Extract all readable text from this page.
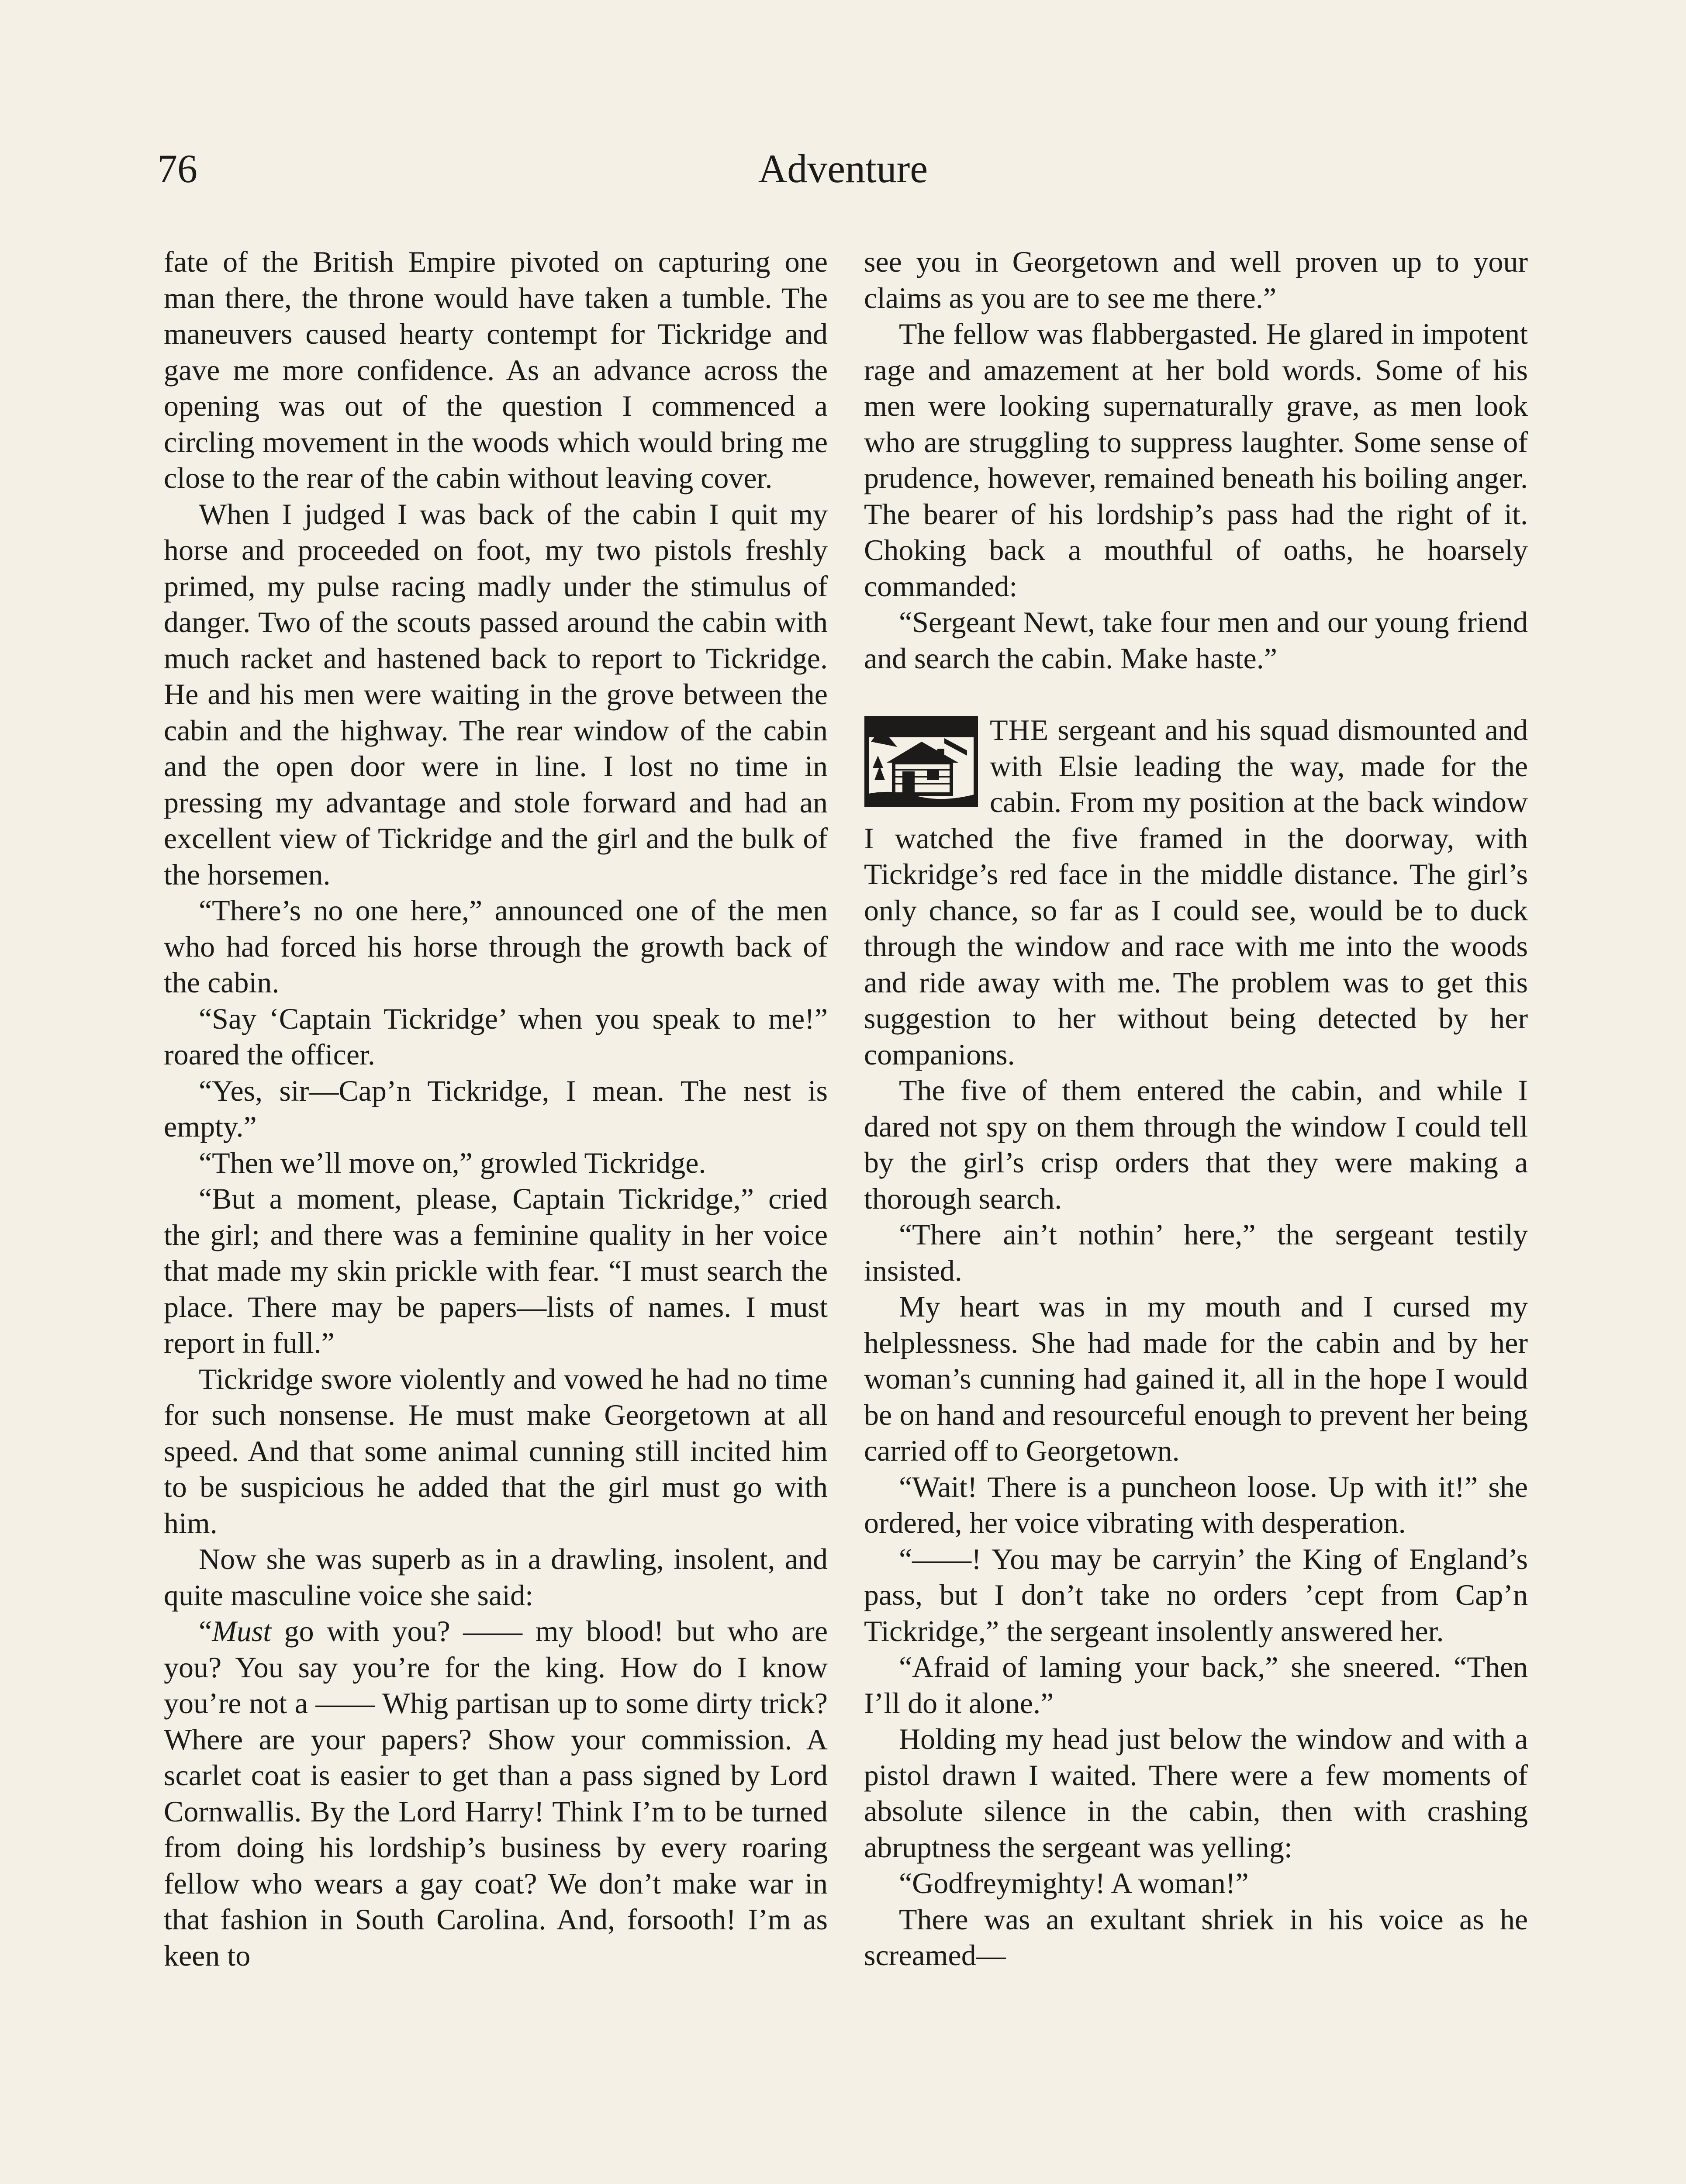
76	Adventure

fate of the British Empire pivoted on capturing one man there, the throne would have taken a tumble. The maneuvers caused hearty contempt for Tickridge and gave me more confidence. As an advance across the opening was out of the question I commenced a circling movement in the woods which would bring me close to the rear of the cabin without leaving cover.

When I judged I was back of the cabin I quit my horse and proceeded on foot, my two pistols freshly primed, my pulse racing madly under the stimulus of danger. Two of the scouts passed around the cabin with much racket and hastened back to report to Tickridge. He and his men were waiting in the grove between the cabin and the highway. The rear window of the cabin and the open door were in line. I lost no time in pressing my advantage and stole forward and had an excellent view of Tickridge and the girl and the bulk of the horsemen.

“There’s no one here,” announced one of the men who had forced his horse through the growth back of the cabin.

“Say ‘Captain Tickridge’ when you speak to me!” roared the officer.

“Yes, sir—Cap’n Tickridge, I mean. The nest is empty.”

“Then we’ll move on,” growled Tickridge.

“But a moment, please, Captain Tickridge,” cried the girl; and there was a feminine quality in her voice that made my skin prickle with fear. “I must search the place. There may be papers—lists of names. I must report in full.”

Tickridge swore violently and vowed he had no time for such nonsense. He must make Georgetown at all speed. And that some animal cunning still incited him to be suspicious he added that the girl must go with him.

Now she was superb as in a drawling, insolent, and quite masculine voice she said:

“Must go with you? —— my blood! but who are you? You say you’re for the king. How do I know you’re not a —— Whig partisan up to some dirty trick? Where are your papers? Show your commission. A scarlet coat is easier to get than a pass signed by Lord Cornwallis. By the Lord Harry! Think I’m to be turned from doing his lordship’s business by every roaring fellow who wears a gay coat? We don’t make war in that fashion in South Carolina. And, forsooth! I’m as keen to

see you in Georgetown and well proven up to your claims as you are to see me there.”

The fellow was flabbergasted. He glared in impotent rage and amazement at her bold words. Some of his men were looking supernaturally grave, as men look who are struggling to suppress laughter. Some sense of prudence, however, remained beneath his boiling anger. The bearer of his lordship’s pass had the right of it. Choking back a mouthful of oaths, he hoarsely commanded:

“Sergeant Newt, take four men and our young friend and search the cabin. Make haste.”

THE sergeant and his squad dismounted and with Elsie leading the way, made for the cabin. From my position at the back window I watched the five framed in the doorway, with Tickridge’s red face in the middle distance. The girl’s only chance, so far as I could see, would be to duck through the window and race with me into the woods and ride away with me. The problem was to get this suggestion to her without being detected by her companions.

The five of them entered the cabin, and while I dared not spy on them through the window I could tell by the girl’s crisp orders that they were making a thorough search.

“There ain’t nothin’ here,” the sergeant testily insisted.

My heart was in my mouth and I cursed my helplessness. She had made for the cabin and by her woman’s cunning had gained it, all in the hope I would be on hand and resourceful enough to prevent her being carried off to Georgetown.

“Wait! There is a puncheon loose. Up with it!” she ordered, her voice vibrating with desperation.

“——! You may be carryin’ the King of England’s pass, but I don’t take no orders ’cept from Cap’n Tickridge,” the sergeant insolently answered her.

“Afraid of laming your back,” she sneered. “Then I’ll do it alone.”

Holding my head just below the window and with a pistol drawn I waited. There were a few moments of absolute silence in the cabin, then with crashing abruptness the sergeant was yelling:

“Godfreymighty! A woman!”

There was an exultant shriek in his voice as he screamed—
